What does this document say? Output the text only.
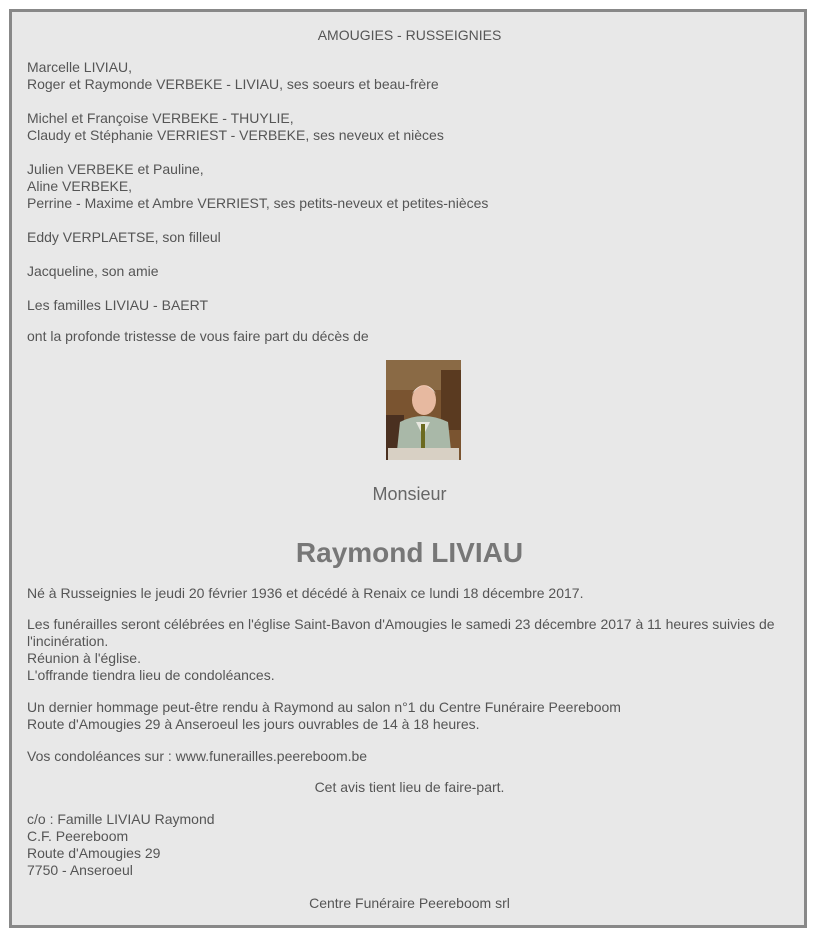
AMOUGIES - RUSSEIGNIES

Marcelle LIVIAU,

Roger et Raymonde VERBEKE - LIVIAU, ses soeurs et beau-frère

Michel et Françoise VERBEKE - THUYLIE,

Claudy et Stéphanie VERRIEST - VERBEKE, ses neveux et nièces

Julien VERBEKE et Pauline,

Aline VERBEKE,

Perrine - Maxime et Ambre VERRIEST, ses petits-neveux et petites-nièces

Eddy VERPLAETSE, son filleul

Jacqueline, son amie

Les familles LIVIAU - BAERT

ont la profonde tristesse de vous faire part du décès de

Monsieur

Raymond LIVIAU

Né à Russeignies le jeudi 20 février 1936 et décédé à Renaix ce lundi 18 décembre 2017.

Les funérailles seront célébrées en l'église Saint-Bavon d'Amougies le samedi 23 décembre 2017 à 11 heures suivies de l'incinération.

Réunion à l'église.

L'offrande tiendra lieu de condoléances.

Un dernier hommage peut-être rendu à Raymond au salon n°1 du Centre Funéraire Peereboom

Route d'Amougies 29 à Anseroeul les jours ouvrables de 14 à 18 heures.

Vos condoléances sur : www.funerailles.peereboom.be

Cet avis tient lieu de faire-part.

c/o : Famille LIVIAU Raymond

C.F. Peereboom

Route d'Amougies 29

7750 - Anseroeul

Centre Funéraire Peereboom srl
